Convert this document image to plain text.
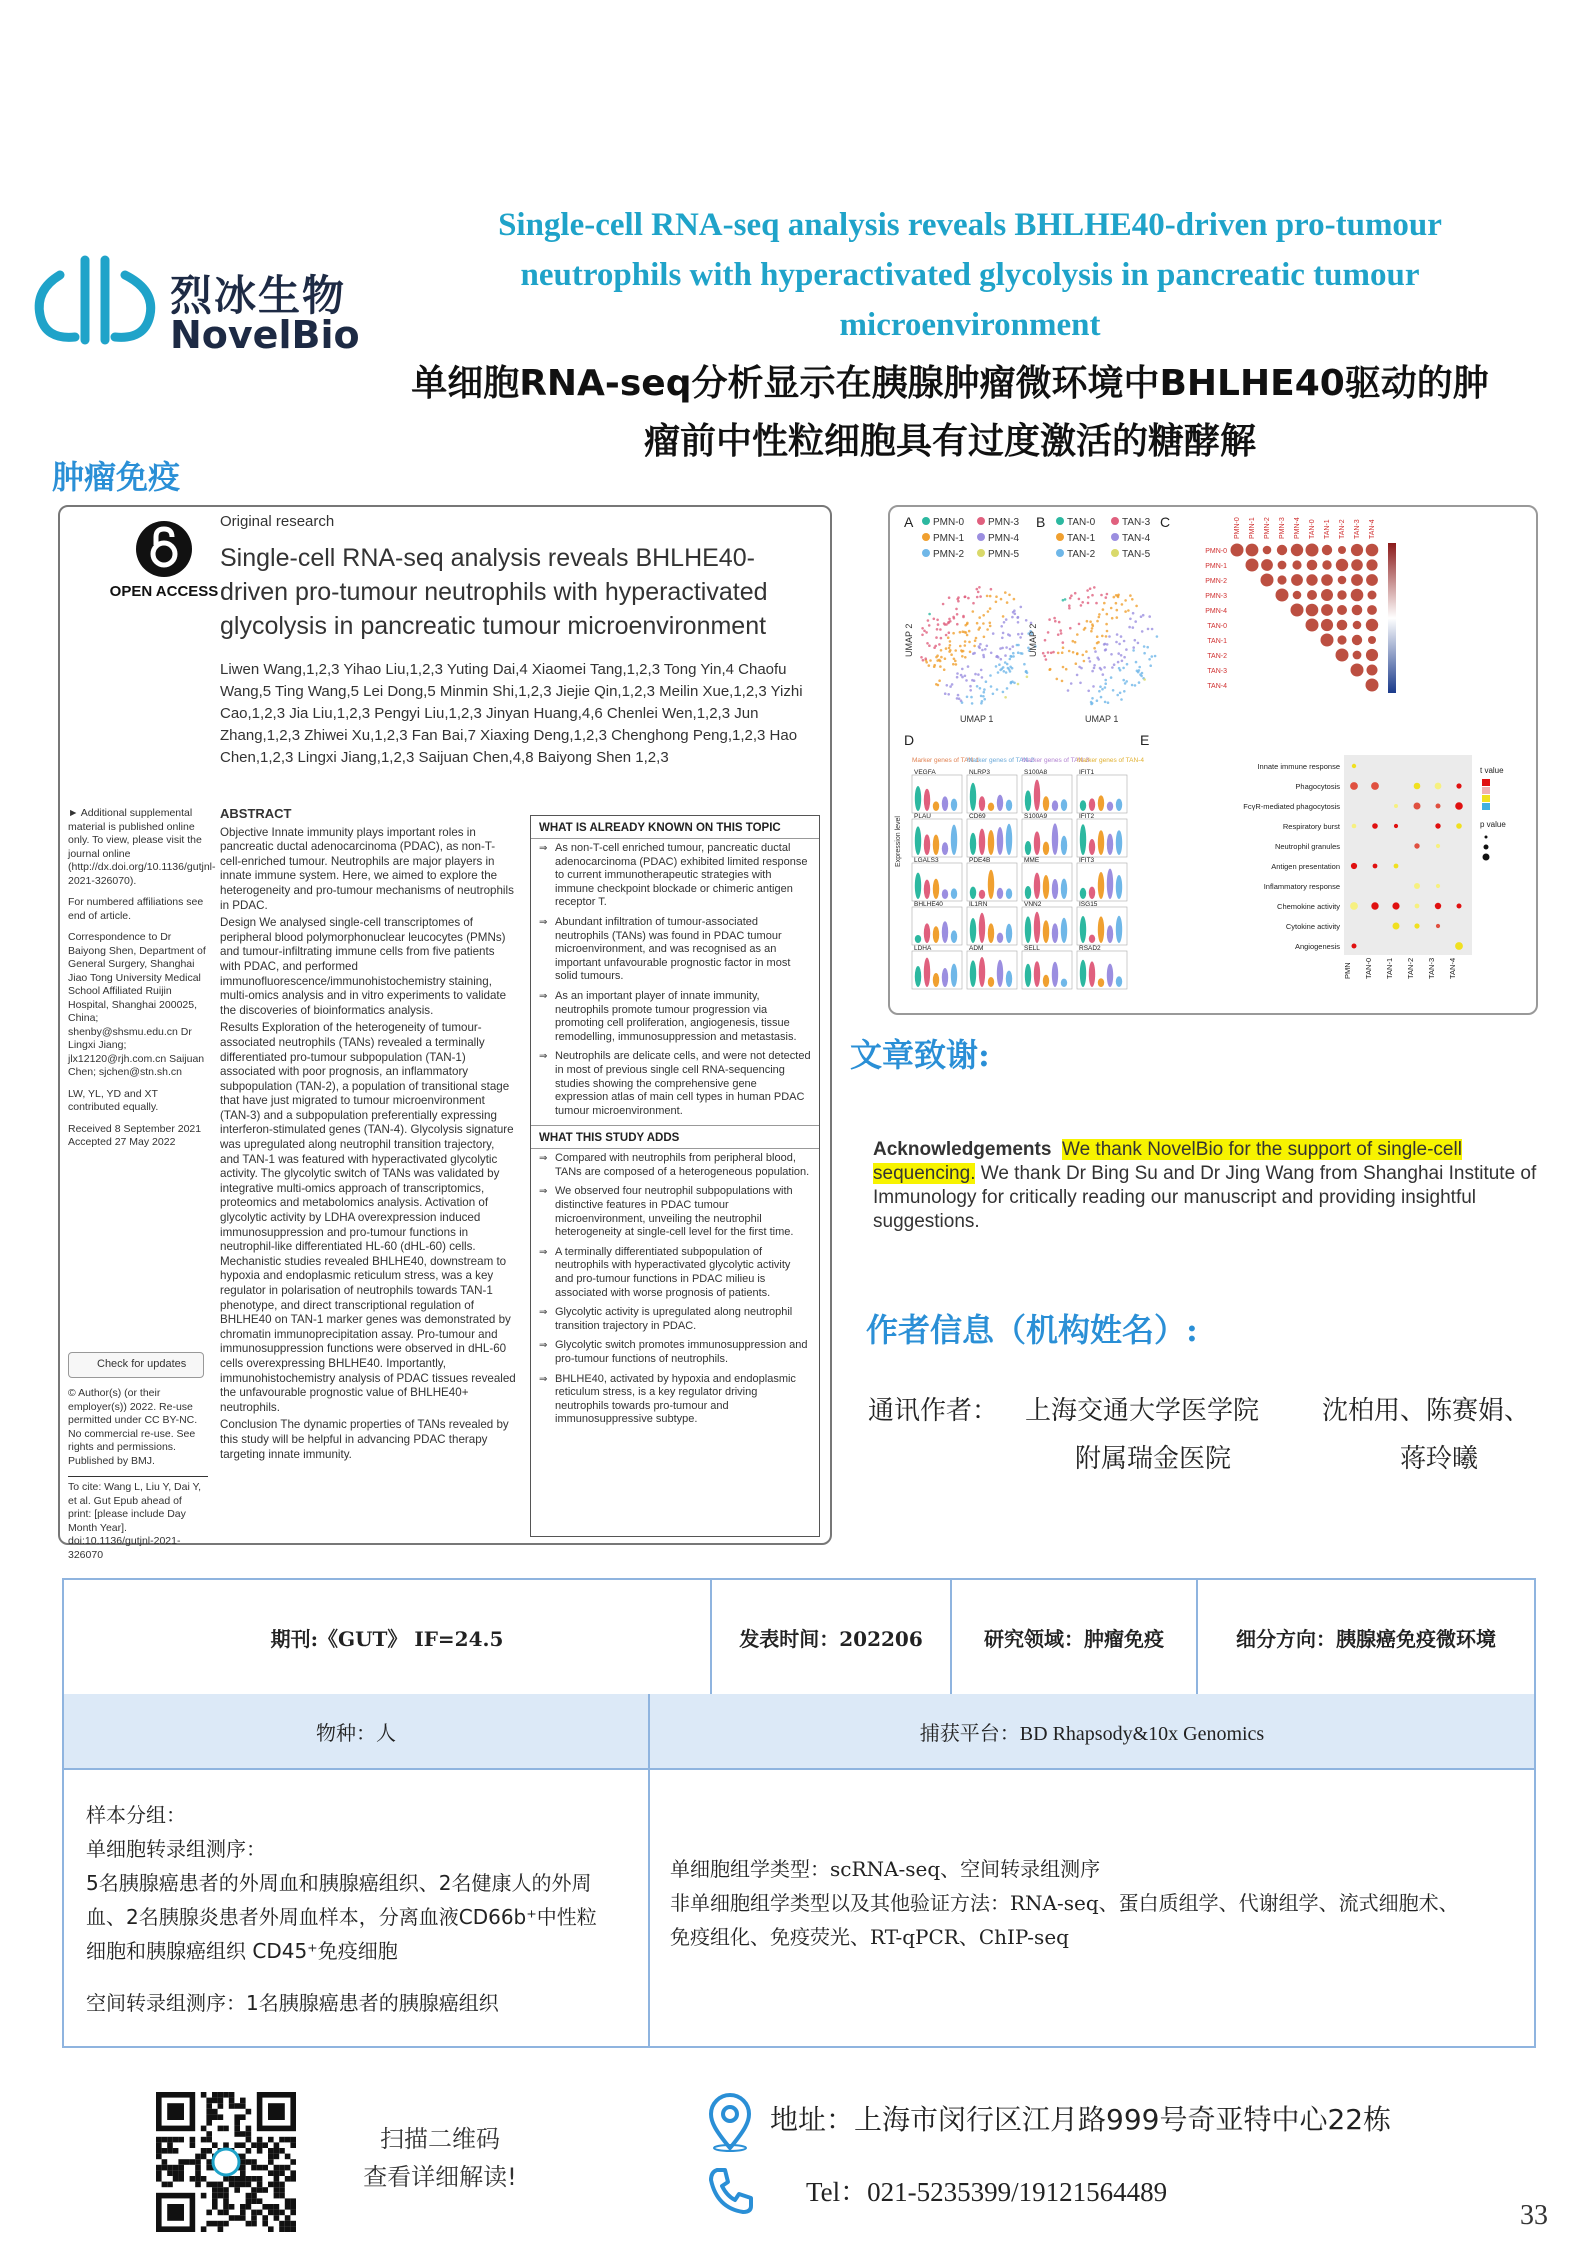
烈冰生物
NovelBio
Single-cell RNA-seq analysis reveals BHLHE40-driven pro-tumour neutrophils with hyperactivated glycolysis in pancreatic tumour microenvironment
单细胞RNA-seq分析显示在胰腺肿瘤微环境中BHLHE40驱动的肿
瘤前中性粒细胞具有过度激活的糖酵解
肿瘤免疫
OPEN ACCESS
Original research
Single-cell RNA-seq analysis reveals BHLHE40-driven pro-tumour neutrophils with hyperactivated glycolysis in pancreatic tumour microenvironment
Liwen Wang,1,2,3 Yihao Liu,1,2,3 Yuting Dai,4 Xiaomei Tang,1,2,3 Tong Yin,4 Chaofu Wang,5 Ting Wang,5 Lei Dong,5 Minmin Shi,1,2,3 Jiejie Qin,1,2,3 Meilin Xue,1,2,3 Yizhi Cao,1,2,3 Jia Liu,1,2,3 Pengyi Liu,1,2,3 Jinyan Huang,4,6 Chenlei Wen,1,2,3 Jun Zhang,1,2,3 Zhiwei Xu,1,2,3 Fan Bai,7 Xiaxing Deng,1,2,3 Chenghong Peng,1,2,3 Hao Chen,1,2,3 Lingxi Jiang,1,2,3 Saijuan Chen,4,8 Baiyong Shen 1,2,3

► Additional supplemental material is published online only. To view, please visit the journal online (http://dx.doi.org/10.1136/gutjnl-2021-326070).

For numbered affiliations see end of article.

Correspondence to Dr Baiyong Shen, Department of General Surgery, Shanghai Jiao Tong University Medical School Affiliated Ruijin Hospital, Shanghai 200025, China; shenby@shsmu.edu.cn Dr Lingxi Jiang; jlx12120@rjh.com.cn Saijuan Chen; sjchen@stn.sh.cn

LW, YL, YD and XT contributed equally.

Received 8 September 2021 Accepted 27 May 2022

Check for updates

© Author(s) (or their employer(s)) 2022. Re-use permitted under CC BY-NC. No commercial re-use. See rights and permissions. Published by BMJ.

To cite: Wang L, Liu Y, Dai Y, et al. Gut Epub ahead of print: [please include Day Month Year]. doi:10.1136/gutjnl-2021-326070

ABSTRACT

Objective Innate immunity plays important roles in pancreatic ductal adenocarcinoma (PDAC), as non-T-cell-enriched tumour. Neutrophils are major players in innate immune system. Here, we aimed to explore the heterogeneity and pro-tumour mechanisms of neutrophils in PDAC.

Design We analysed single-cell transcriptomes of peripheral blood polymorphonuclear leucocytes (PMNs) and tumour-infiltrating immune cells from five patients with PDAC, and performed immunofluorescence/immunohistochemistry staining, multi-omics analysis and in vitro experiments to validate the discoveries of bioinformatics analysis.

Results Exploration of the heterogeneity of tumour-associated neutrophils (TANs) revealed a terminally differentiated pro-tumour subpopulation (TAN-1) associated with poor prognosis, an inflammatory subpopulation (TAN-2), a population of transitional stage that have just migrated to tumour microenvironment (TAN-3) and a subpopulation preferentially expressing interferon-stimulated genes (TAN-4). Glycolysis signature was upregulated along neutrophil transition trajectory, and TAN-1 was featured with hyperactivated glycolytic activity. The glycolytic switch of TANs was validated by integrative multi-omics approach of transcriptomics, proteomics and metabolomics analysis. Activation of glycolytic activity by LDHA overexpression induced immunosuppression and pro-tumour functions in neutrophil-like differentiated HL-60 (dHL-60) cells. Mechanistic studies revealed BHLHE40, downstream to hypoxia and endoplasmic reticulum stress, was a key regulator in polarisation of neutrophils towards TAN-1 phenotype, and direct transcriptional regulation of BHLHE40 on TAN-1 marker genes was demonstrated by chromatin immunoprecipitation assay. Pro-tumour and immunosuppression functions were observed in dHL-60 cells overexpressing BHLHE40. Importantly, immunohistochemistry analysis of PDAC tissues revealed the unfavourable prognostic value of BHLHE40+ neutrophils.

Conclusion The dynamic properties of TANs revealed by this study will be helpful in advancing PDAC therapy targeting innate immunity.

WHAT IS ALREADY KNOWN ON THIS TOPIC
⇒ As non-T-cell enriched tumour, pancreatic ductal adenocarcinoma (PDAC) exhibited limited response to current immunotherapeutic strategies with immune checkpoint blockade or chimeric antigen receptor T.
⇒ Abundant infiltration of tumour-associated neutrophils (TANs) was found in PDAC tumour microenvironment, and was recognised as an important unfavourable prognostic factor in most solid tumours.
⇒ As an important player of innate immunity, neutrophils promote tumour progression via promoting cell proliferation, angiogenesis, tissue remodelling, immunosuppression and metastasis.
⇒ Neutrophils are delicate cells, and were not detected in most of previous single cell RNA-sequencing studies showing the comprehensive gene expression atlas of main cell types in human PDAC tumour microenvironment.
WHAT THIS STUDY ADDS
⇒ Compared with neutrophils from peripheral blood, TANs are composed of a heterogeneous population.
⇒ We observed four neutrophil subpopulations with distinctive features in PDAC tumour microenvironment, unveiling the neutrophil heterogeneity at single-cell level for the first time.
⇒ A terminally differentiated subpopulation of neutrophils with hyperactivated glycolytic activity and pro-tumour functions in PDAC milieu is associated with worse prognosis of patients.
⇒ Glycolytic activity is upregulated along neutrophil transition trajectory in PDAC.
⇒ Glycolytic switch promotes immunosuppression and pro-tumour functions of neutrophils.
⇒ BHLHE40, activated by hypoxia and endoplasmic reticulum stress, is a key regulator driving neutrophils towards pro-tumour and immunosuppressive subtype.
A	B	C
D	E
PMN-0 PMN-3
PMN-1 PMN-4
PMN-2 PMN-5
TAN-0	TAN-3
TAN-1	TAN-4
TAN-2	TAN-5
UMAP 1	UMAP 1
UMAP 2	UMAP 2
PMN-0
PMN-0
PMN-1
PMN-1
PMN-2
PMN-2
PMN-3
PMN-3
PMN-4
PMN-4
TAN-0
TAN-0
TAN-1
TAN-1
TAN-2
TAN-2
TAN-3
TAN-3
TAN-4
TAN-4
Expression level
Marker genes of TAN-1
Marker genes of TAN-2
Marker genes of TAN-3
Marker genes of TAN-4
VEGFA	NLRP3	S100A8	IFIT1
PLAU	CD69	S100A9	IFIT2
LGALS3	PDE4B	MME	IFIT3
BHLHE40	IL1RN	VNN2	ISG15
LDHA	ADM	SELL	RSAD2
Innate immune response
Phagocytosis
FcγR-mediated phagocytosis
Respiratory burst
Neutrophil granules
Antigen presentation
Inflammatory response
Chemokine activity
Cytokine activity
Angiogenesis
PMN TAN-0 TAN-1 TAN-2 TAN-3 TAN-4
t value
p value
文章致谢:
Acknowledgements We thank NovelBio for the support of single-cell sequencing. We thank Dr Bing Su and Dr Jing Wang from Shanghai Institute of Immunology for critically reading our manuscript and providing insightful suggestions.
作者信息（机构姓名）:
通讯作者： 上海交通大学医学院
附属瑞金医院
沈柏用、陈赛娟、
蒋玲曦
期刊:《GUT》 IF=24.5	发表时间：202206	研究领域：肿瘤免疫	细分方向：胰腺癌免疫微环境
物种：人	捕获平台：BD Rhapsody&10x Genomics
样本分组：
单细胞转录组测序：
5名胰腺癌患者的外周血和胰腺癌组织、2名健康人的外周
血、2名胰腺炎患者外周血样本，分离血液CD66b⁺中性粒
细胞和胰腺癌组织 CD45⁺免疫细胞
空间转录组测序：1名胰腺癌患者的胰腺癌组织
单细胞组学类型：scRNA-seq、空间转录组测序
非单细胞组学类型以及其他验证方法：RNA-seq、蛋白质组学、代谢组学、流式细胞术、
免疫组化、免疫荧光、RT-qPCR、ChIP-seq
扫描二维码
查看详细解读!
地址：上海市闵行区江月路999号奇亚特中心22栋
Tel：021-5235399/19121564489
33
